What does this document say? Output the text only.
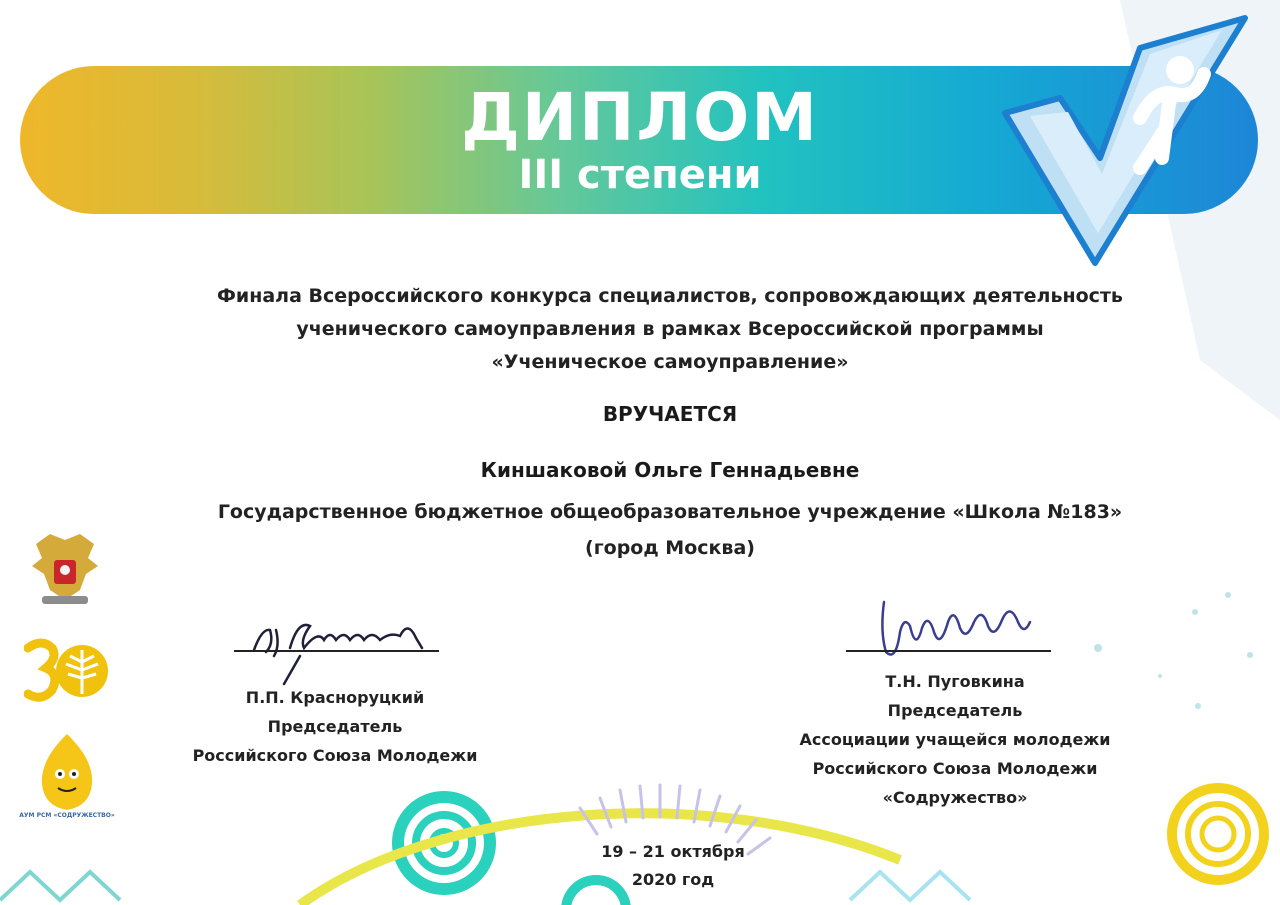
ДИПЛОМ
III степени
Финала Всероссийского конкурса специалистов, сопровождающих деятельность
ученического самоуправления в рамках Всероссийской программы
«Ученическое самоуправление»
ВРУЧАЕТСЯ
Киншаковой Ольге Геннадьевне
Государственное бюджетное общеобразовательное учреждение «Школа №183»
(город Москва)
АУМ РСМ «СОДРУЖЕСТВО»
П.П. Красноруцкий
Председатель
Российского Союза Молодежи
Т.Н. Пуговкина
Председатель
Ассоциации учащейся молодежи
Российского Союза Молодежи
«Содружество»
19 – 21 октября
2020 год
